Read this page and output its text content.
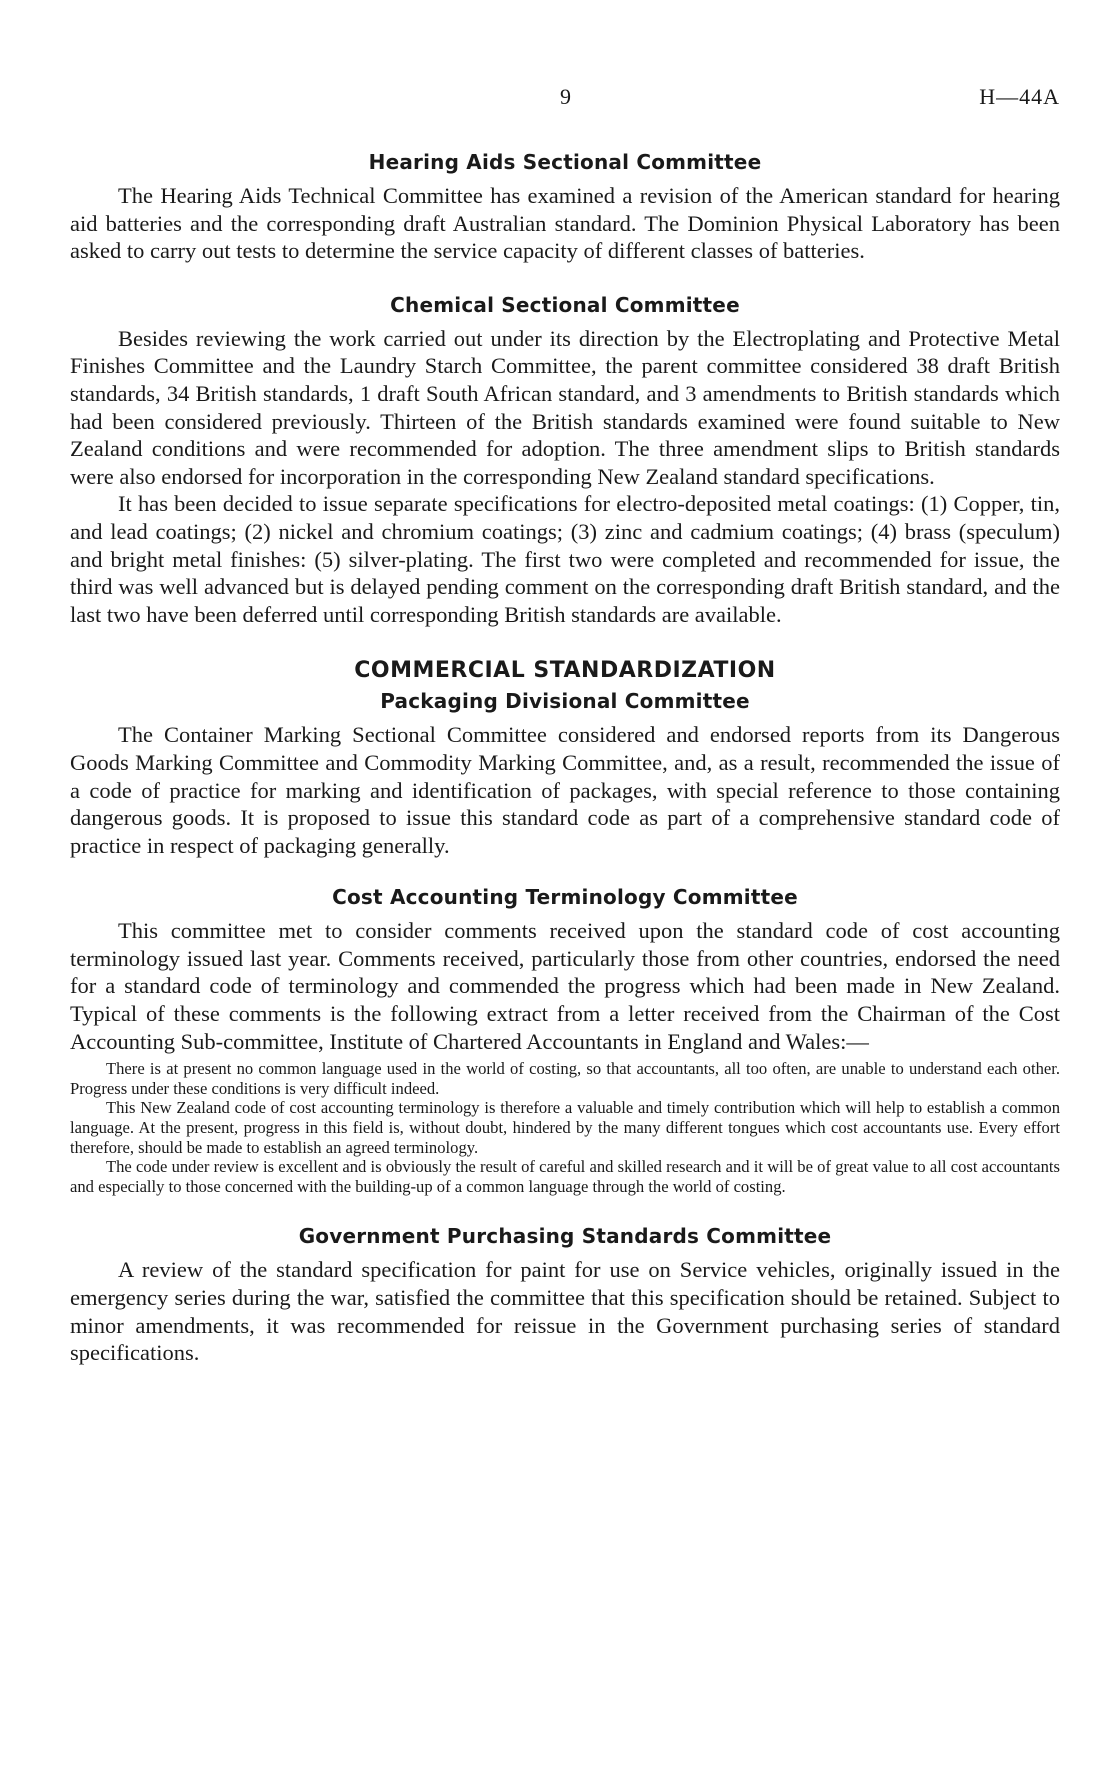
9	H—44A
Hearing Aids Sectional Committee

The Hearing Aids Technical Committee has examined a revision of the American standard for hearing aid batteries and the corresponding draft Australian standard. The Dominion Physical Laboratory has been asked to carry out tests to determine the service capacity of different classes of batteries.

Chemical Sectional Committee

Besides reviewing the work carried out under its direction by the Electroplating and Protective Metal Finishes Committee and the Laundry Starch Committee, the parent committee considered 38 draft British standards, 34 British standards, 1 draft South African standard, and 3 amendments to British standards which had been considered previously. Thirteen of the British standards examined were found suitable to New Zealand conditions and were recommended for adoption. The three amendment slips to British standards were also endorsed for incorporation in the corresponding New Zealand standard specifications.

It has been decided to issue separate specifications for electro-deposited metal coatings: (1) Copper, tin, and lead coatings; (2) nickel and chromium coatings; (3) zinc and cadmium coatings; (4) brass (speculum) and bright metal finishes: (5) silver-plating. The first two were completed and recommended for issue, the third was well advanced but is delayed pending comment on the corresponding draft British standard, and the last two have been deferred until corresponding British standards are available.

COMMERCIAL STANDARDIZATION
Packaging Divisional Committee

The Container Marking Sectional Committee considered and endorsed reports from its Dangerous Goods Marking Committee and Commodity Marking Committee, and, as a result, recommended the issue of a code of practice for marking and identification of packages, with special reference to those containing dangerous goods. It is proposed to issue this standard code as part of a comprehensive standard code of practice in respect of packaging generally.

Cost Accounting Terminology Committee

This committee met to consider comments received upon the standard code of cost accounting terminology issued last year. Comments received, particularly those from other countries, endorsed the need for a standard code of terminology and commended the progress which had been made in New Zealand. Typical of these comments is the following extract from a letter received from the Chairman of the Cost Accounting Sub-committee, Institute of Chartered Accountants in England and Wales:—

There is at present no common language used in the world of costing, so that accountants, all too often, are unable to understand each other. Progress under these conditions is very difficult indeed.

This New Zealand code of cost accounting terminology is therefore a valuable and timely contribution which will help to establish a common language. At the present, progress in this field is, without doubt, hindered by the many different tongues which cost accountants use. Every effort therefore, should be made to establish an agreed terminology.

The code under review is excellent and is obviously the result of careful and skilled research and it will be of great value to all cost accountants and especially to those concerned with the building-up of a common language through the world of costing.

Government Purchasing Standards Committee

A review of the standard specification for paint for use on Service vehicles, originally issued in the emergency series during the war, satisfied the committee that this specification should be retained. Subject to minor amendments, it was recommended for reissue in the Government purchasing series of standard specifications.
